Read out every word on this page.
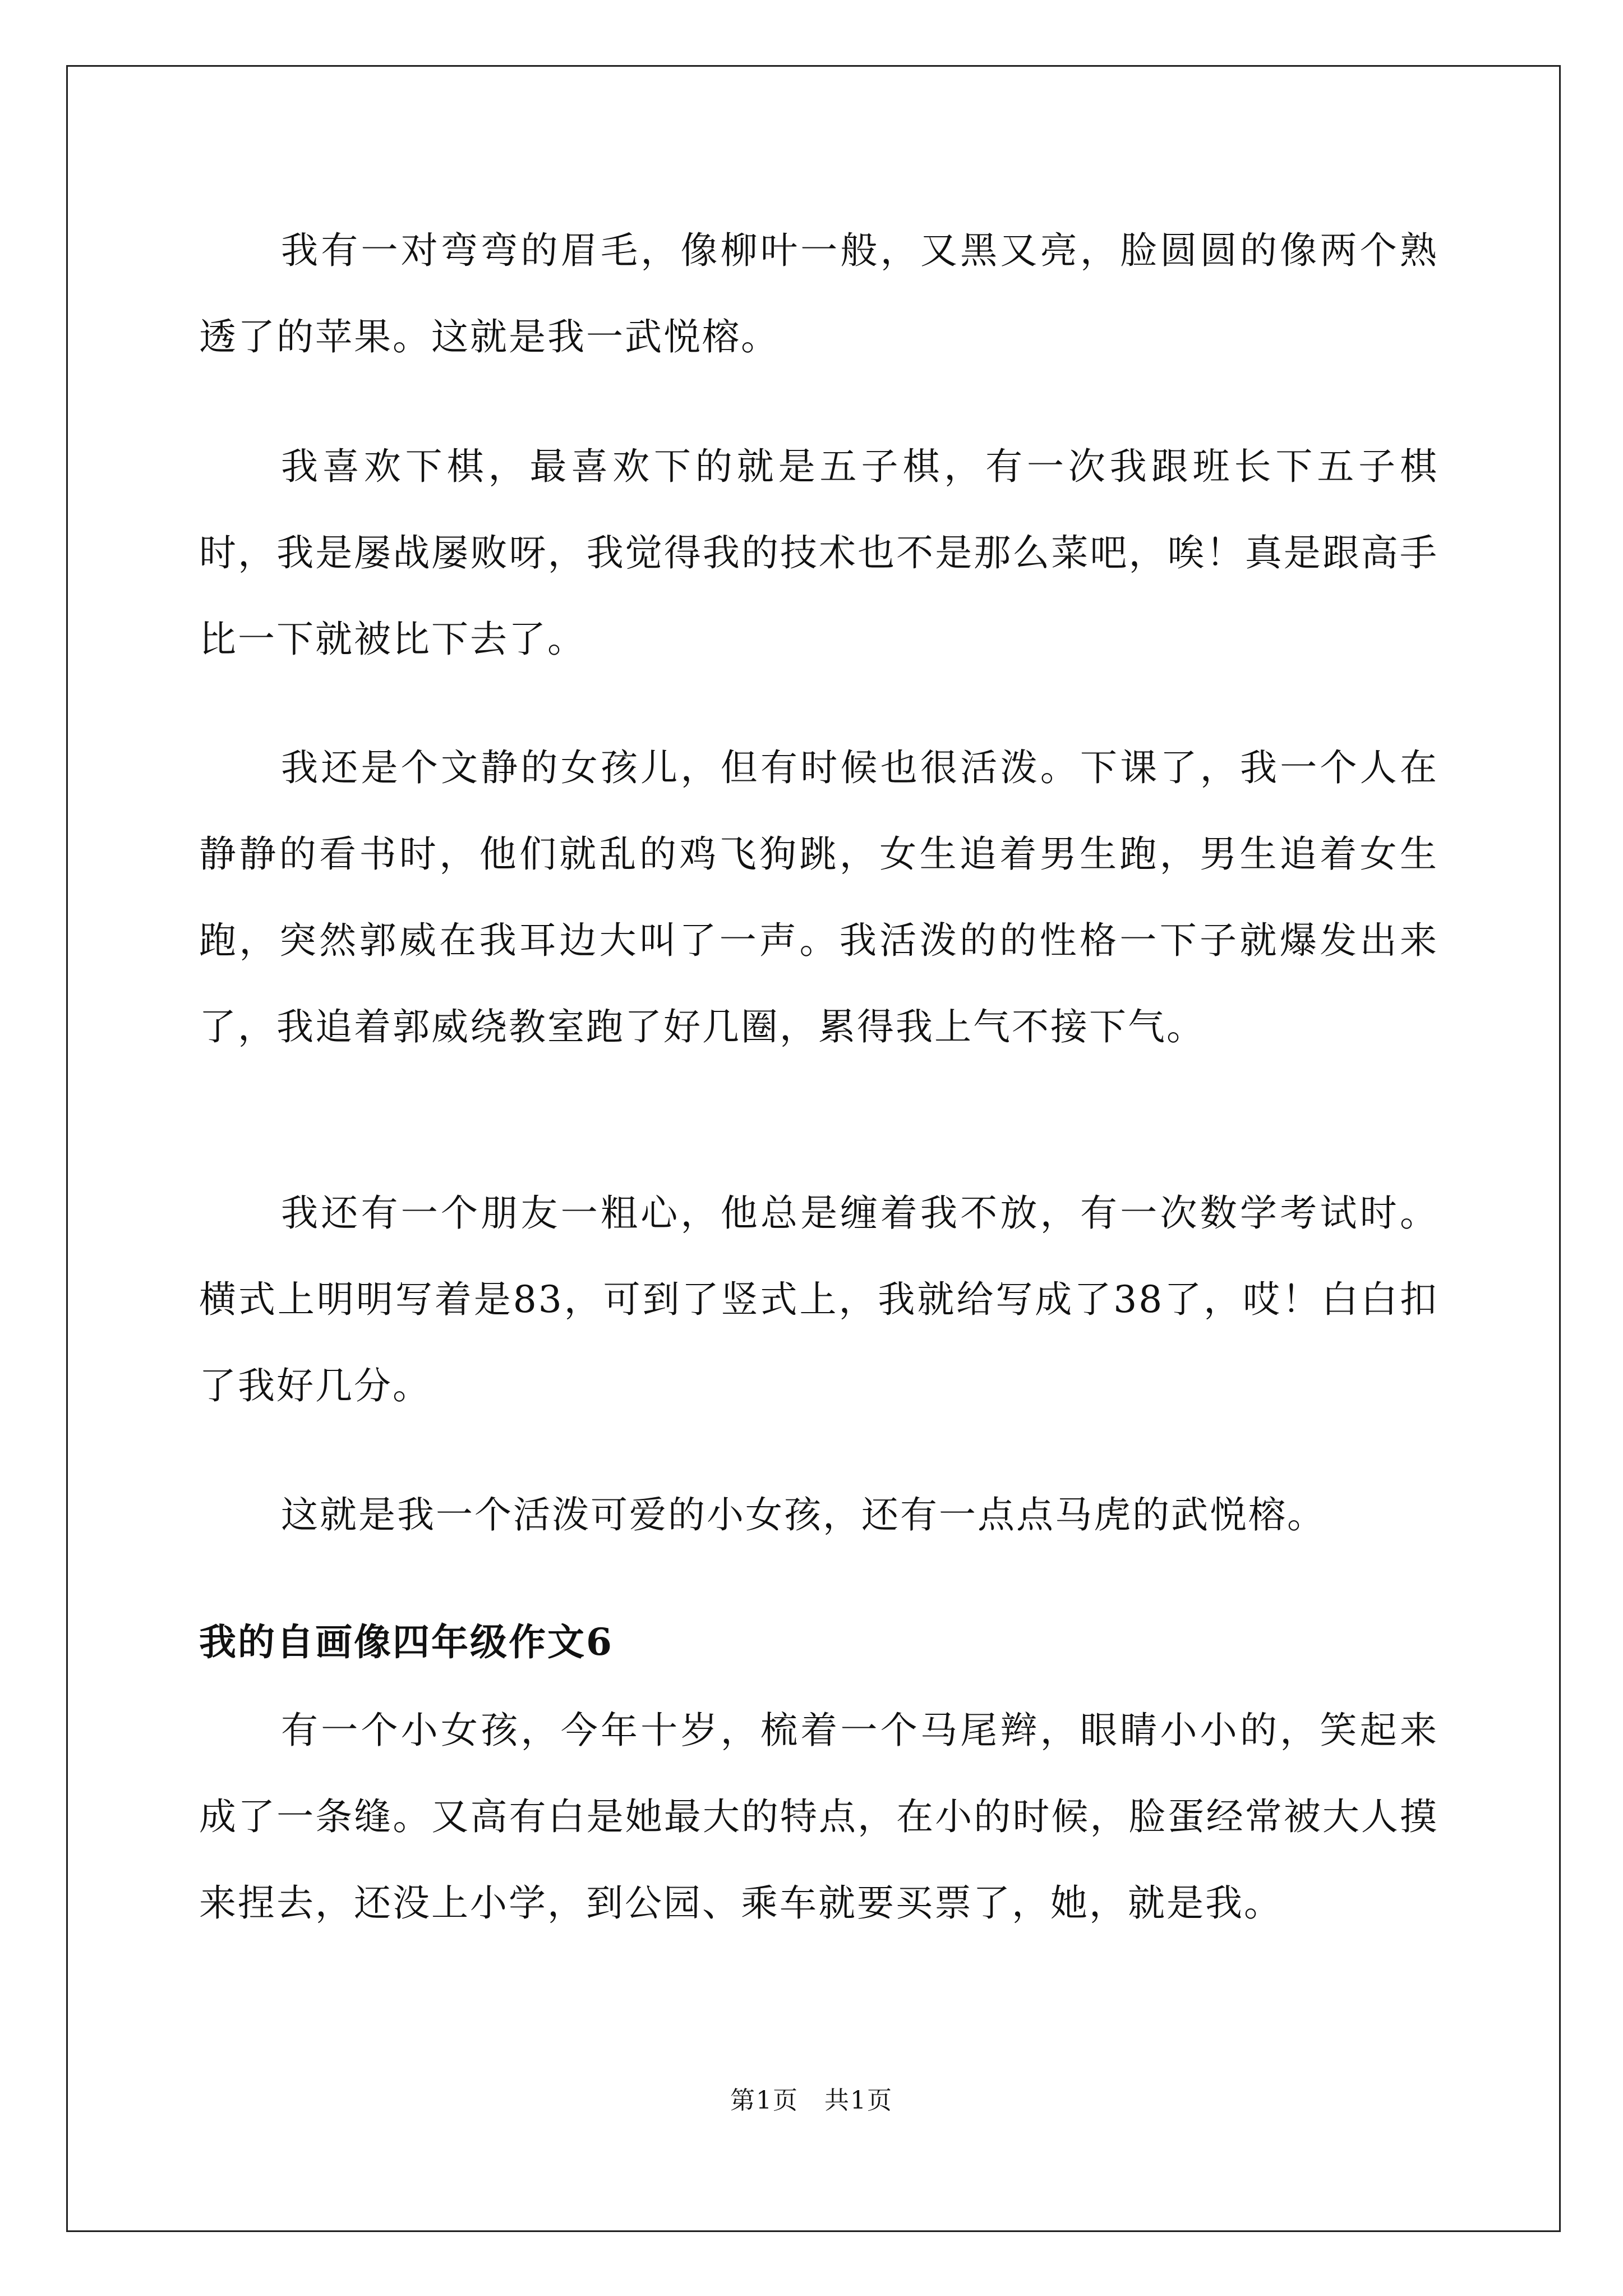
我有一对弯弯的眉毛，像柳叶一般，又黑又亮，脸圆圆的像两个熟透了的苹果。这就是我一武悦榕。

我喜欢下棋，最喜欢下的就是五子棋，有一次我跟班长下五子棋时，我是屡战屡败呀，我觉得我的技术也不是那么菜吧，唉！真是跟高手比一下就被比下去了。

我还是个文静的女孩儿，但有时候也很活泼。下课了，我一个人在静静的看书时，他们就乱的鸡飞狗跳，女生追着男生跑，男生追着女生跑，突然郭威在我耳边大叫了一声。我活泼的的性格一下子就爆发出来了，我追着郭威绕教室跑了好几圈，累得我上气不接下气。

我还有一个朋友一粗心，他总是缠着我不放，有一次数学考试时。横式上明明写着是83，可到了竖式上，我就给写成了38了，哎！白白扣了我好几分。

这就是我一个活泼可爱的小女孩，还有一点点马虎的武悦榕。

我的自画像四年级作文6

有一个小女孩，今年十岁，梳着一个马尾辫，眼睛小小的，笑起来成了一条缝。又高有白是她最大的特点，在小的时候，脸蛋经常被大人摸来捏去，还没上小学，到公园、乘车就要买票了，她，就是我。

第1页　共1页
